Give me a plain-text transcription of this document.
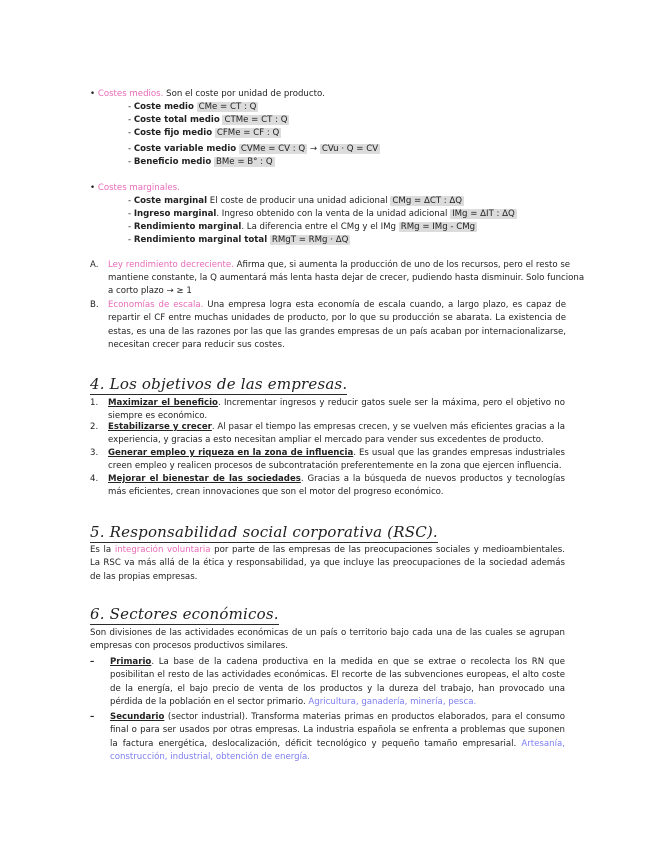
• Costes medios. Son el coste por unidad de producto.
- Coste medio CMe = CT : Q
- Coste total medio CTMe = CT : Q
- Coste fijo medio CFMe = CF : Q
- Coste variable medio CVMe = CV : Q → CVu · Q = CV
- Beneficio medio BMe = B° : Q
• Costes marginales.
- Coste marginal El coste de producir una unidad adicional CMg = ΔCT : ΔQ
- Ingreso marginal. Ingreso obtenido con la venta de la unidad adicional IMg = ΔIT : ΔQ
- Rendimiento marginal. La diferencia entre el CMg y el IMg RMg = IMg - CMg
- Rendimiento marginal total RMgT = RMg · ΔQ
A. Ley rendimiento decreciente. Afirma que, si aumenta la producción de uno de los recursos, pero el resto se
mantiene constante, la Q aumentará más lenta hasta dejar de crecer, pudiendo hasta disminuir. Solo funciona
a corto plazo → ≥ 1
B. Economías de escala. Una empresa logra esta economía de escala cuando, a largo plazo, es capaz de repartir el CF entre muchas unidades de producto, por lo que su producción se abarata. La existencia de estas, es una de las razones por las que las grandes empresas de un país acaban por internacionalizarse, necesitan crecer para reducir sus costes.
4. Los objetivos de las empresas.
1. Maximizar el beneficio. Incrementar ingresos y reducir gatos suele ser la máxima, pero el objetivo no siempre es económico.
2. Estabilizarse y crecer. Al pasar el tiempo las empresas crecen, y se vuelven más eficientes gracias a la experiencia, y gracias a esto necesitan ampliar el mercado para vender sus excedentes de producto.
3. Generar empleo y riqueza en la zona de influencia. Es usual que las grandes empresas industriales creen empleo y realicen procesos de subcontratación preferentemente en la zona que ejercen influencia.
4. Mejorar el bienestar de las sociedades. Gracias a la búsqueda de nuevos productos y tecnologías más eficientes, crean innovaciones que son el motor del progreso económico.
5. Responsabilidad social corporativa (RSC).
Es la integración voluntaria por parte de las empresas de las preocupaciones sociales y medioambientales. La RSC va más allá de la ética y responsabilidad, ya que incluye las preocupaciones de la sociedad además de las propias empresas.
6. Sectores económicos.
Son divisiones de las actividades económicas de un país o territorio bajo cada una de las cuales se agrupan empresas con procesos productivos similares.
– Primario. La base de la cadena productiva en la medida en que se extrae o recolecta los RN que posibilitan el resto de las actividades económicas. El recorte de las subvenciones europeas, el alto coste de la energía, el bajo precio de venta de los productos y la dureza del trabajo, han provocado una pérdida de la población en el sector primario. Agricultura, ganadería, minería, pesca.
– Secundario (sector industrial). Transforma materias primas en productos elaborados, para el consumo final o para ser usados por otras empresas. La industria española se enfrenta a problemas que suponen la factura energética, deslocalización, déficit tecnológico y pequeño tamaño empresarial. Artesanía, construcción, industrial, obtención de energía.
